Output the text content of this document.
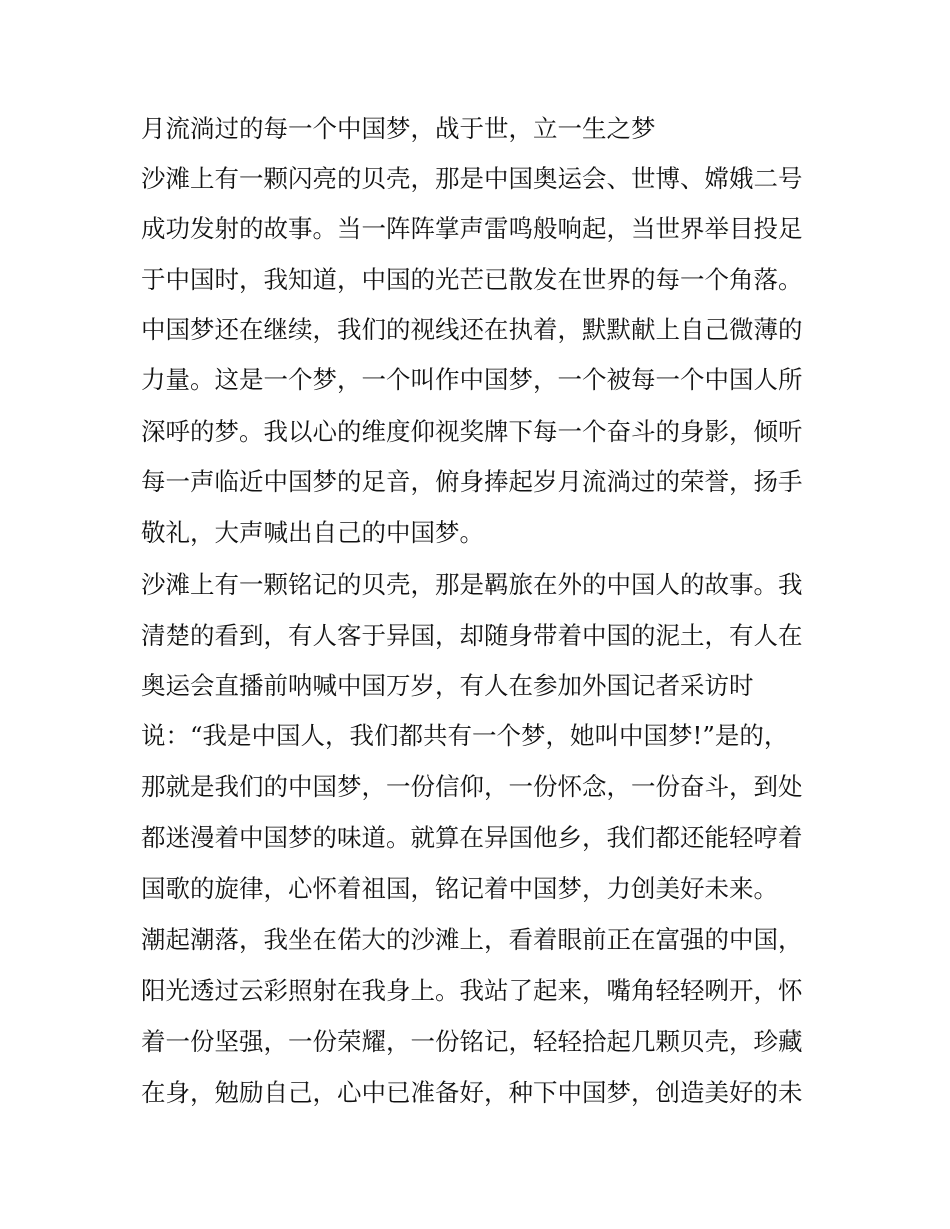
月流淌过的每一个中国梦，战于世，立一生之梦
沙滩上有一颗闪亮的贝壳，那是中国奥运会、世博、嫦娥二号
成功发射的故事。当一阵阵掌声雷鸣般响起，当世界举目投足
于中国时，我知道，中国的光芒已散发在世界的每一个角落。
中国梦还在继续，我们的视线还在执着，默默献上自己微薄的
力量。这是一个梦，一个叫作中国梦，一个被每一个中国人所
深呼的梦。我以心的维度仰视奖牌下每一个奋斗的身影，倾听
每一声临近中国梦的足音，俯身捧起岁月流淌过的荣誉，扬手
敬礼，大声喊出自己的中国梦。
沙滩上有一颗铭记的贝壳，那是羁旅在外的中国人的故事。我
清楚的看到，有人客于异国，却随身带着中国的泥土，有人在
奥运会直播前呐喊中国万岁，有人在参加外国记者采访时
说：“我是中国人，我们都共有一个梦，她叫中国梦!”是的，
那就是我们的中国梦，一份信仰，一份怀念，一份奋斗，到处
都迷漫着中国梦的味道。就算在异国他乡，我们都还能轻哼着
国歌的旋律，心怀着祖国，铭记着中国梦，力创美好未来。
潮起潮落，我坐在偌大的沙滩上，看着眼前正在富强的中国，
阳光透过云彩照射在我身上。我站了起来，嘴角轻轻咧开，怀
着一份坚强，一份荣耀，一份铭记，轻轻拾起几颗贝壳，珍藏
在身，勉励自己，心中已准备好，种下中国梦，创造美好的未
